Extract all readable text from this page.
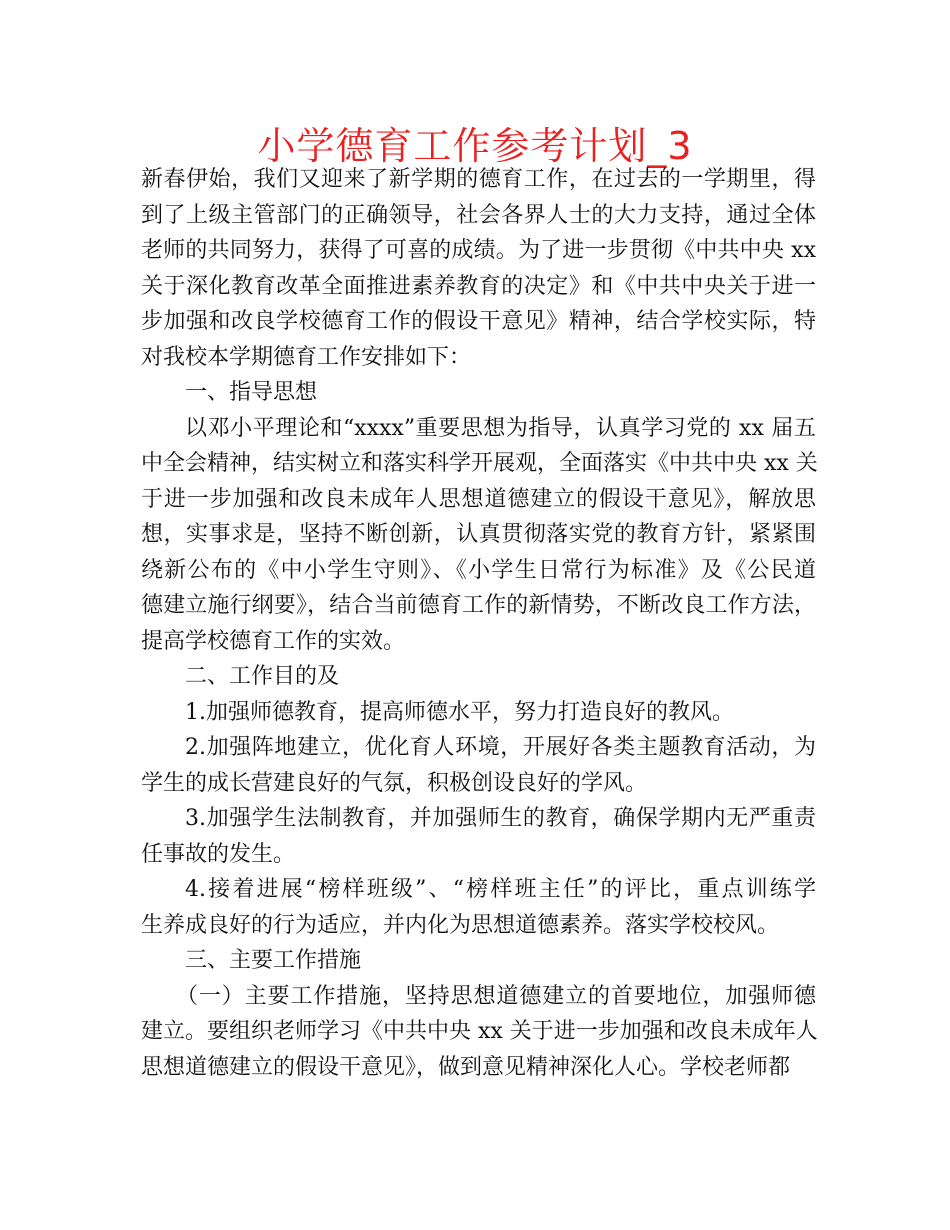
小学德育工作参考计划_3
新春伊始，我们又迎来了新学期的德育工作，在过去的一学期里，得
到了上级主管部门的正确领导，社会各界人士的大力支持，通过全体
老师的共同努力，获得了可喜的成绩。为了进一步贯彻《中共中央 xx
关于深化教育改革全面推进素养教育的决定》和《中共中央关于进一
步加强和改良学校德育工作的假设干意见》精神，结合学校实际，特
对我校本学期德育工作安排如下：
一、指导思想
以邓小平理论和“xxxx”重要思想为指导，认真学习党的 xx 届五
中全会精神，结实树立和落实科学开展观，全面落实《中共中央 xx 关
于进一步加强和改良未成年人思想道德建立的假设干意见》，解放思
想，实事求是，坚持不断创新，认真贯彻落实党的教育方针，紧紧围
绕新公布的《中小学生守则》、《小学生日常行为标准》及《公民道
德建立施行纲要》，结合当前德育工作的新情势，不断改良工作方法，
提高学校德育工作的实效。
二、工作目的及
1.加强师德教育，提高师德水平，努力打造良好的教风。
2.加强阵地建立，优化育人环境，开展好各类主题教育活动，为
学生的成长营建良好的气氛，积极创设良好的学风。
3.加强学生法制教育，并加强师生的教育，确保学期内无严重责
任事故的发生。
4.接着进展“榜样班级”、“榜样班主任”的评比，重点训练学
生养成良好的行为适应，并内化为思想道德素养。落实学校校风。
三、主要工作措施
（一）主要工作措施，坚持思想道德建立的首要地位，加强师德
建立。要组织老师学习《中共中央 xx 关于进一步加强和改良未成年人
思想道德建立的假设干意见》，做到意见精神深化人心。学校老师都
